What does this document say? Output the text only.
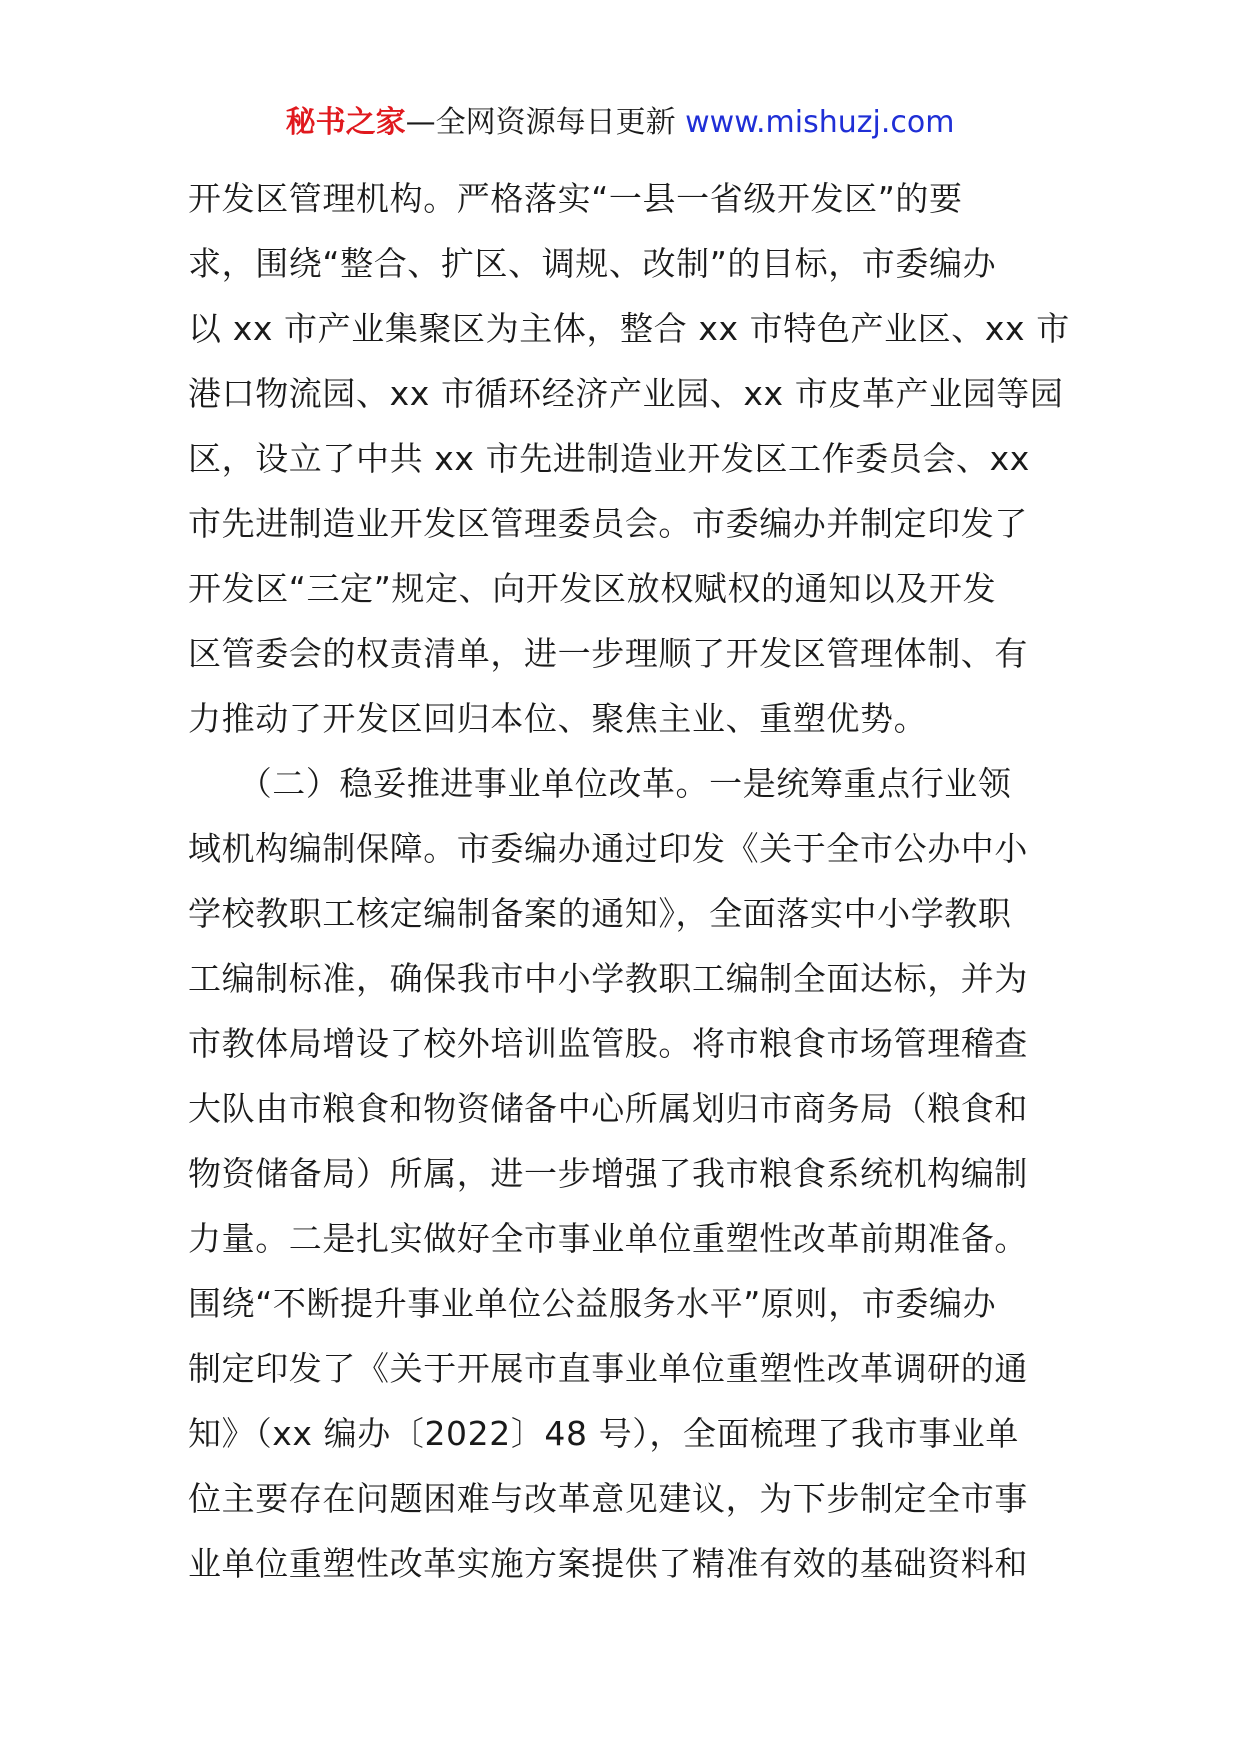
秘书之家—全网资源每日更新 www.mishuzj.com
开发区管理机构。严格落实“一县一省级开发区”的要
求，围绕“整合、扩区、调规、改制”的目标，市委编办
以 xx 市产业集聚区为主体，整合 xx 市特色产业区、xx 市
港口物流园、xx 市循环经济产业园、xx 市皮革产业园等园
区，设立了中共 xx 市先进制造业开发区工作委员会、xx
市先进制造业开发区管理委员会。市委编办并制定印发了
开发区“三定”规定、向开发区放权赋权的通知以及开发
区管委会的权责清单，进一步理顺了开发区管理体制、有
力推动了开发区回归本位、聚焦主业、重塑优势。
　　（二）稳妥推进事业单位改革。一是统筹重点行业领
域机构编制保障。市委编办通过印发《关于全市公办中小
学校教职工核定编制备案的通知》，全面落实中小学教职
工编制标准，确保我市中小学教职工编制全面达标，并为
市教体局增设了校外培训监管股。将市粮食市场管理稽查
大队由市粮食和物资储备中心所属划归市商务局（粮食和
物资储备局）所属，进一步增强了我市粮食系统机构编制
力量。二是扎实做好全市事业单位重塑性改革前期准备。
围绕“不断提升事业单位公益服务水平”原则，市委编办
制定印发了《关于开展市直事业单位重塑性改革调研的通
知》（xx 编办〔2022〕48 号），全面梳理了我市事业单
位主要存在问题困难与改革意见建议，为下步制定全市事
业单位重塑性改革实施方案提供了精准有效的基础资料和
